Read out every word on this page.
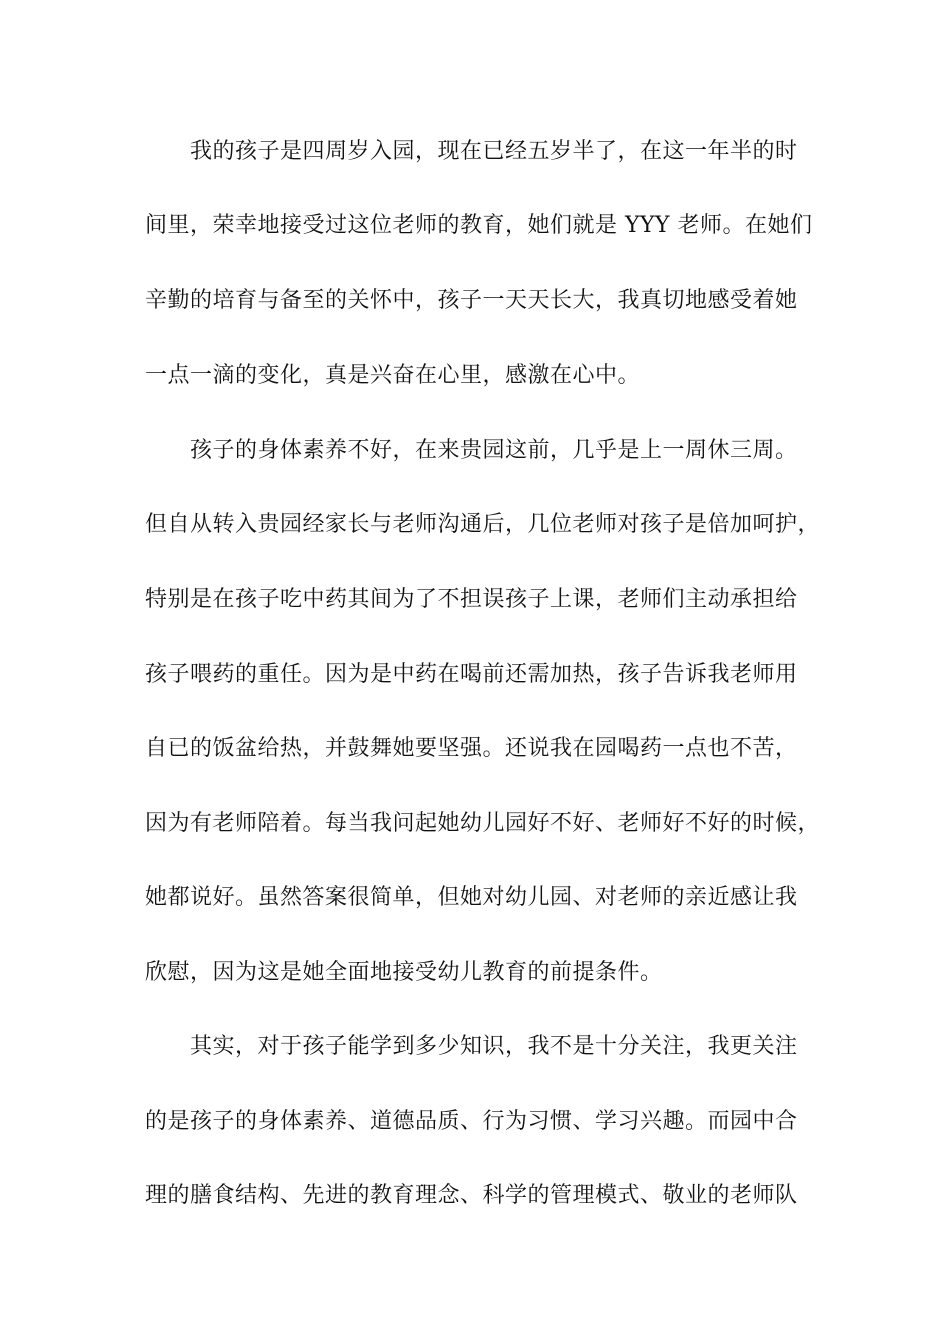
我的孩子是四周岁入园，现在已经五岁半了，在这一年半的时
间里，荣幸地接受过这位老师的教育，她们就是 YYY 老师。在她们
辛勤的培育与备至的关怀中，孩子一天天长大，我真切地感受着她
一点一滴的变化，真是兴奋在心里，感激在心中。
孩子的身体素养不好，在来贵园这前，几乎是上一周休三周。
但自从转入贵园经家长与老师沟通后，几位老师对孩子是倍加呵护，
特别是在孩子吃中药其间为了不担误孩子上课，老师们主动承担给
孩子喂药的重任。因为是中药在喝前还需加热，孩子告诉我老师用
自已的饭盆给热，并鼓舞她要坚强。还说我在园喝药一点也不苦，
因为有老师陪着。每当我问起她幼儿园好不好、老师好不好的时候，
她都说好。虽然答案很简单，但她对幼儿园、对老师的亲近感让我
欣慰，因为这是她全面地接受幼儿教育的前提条件。
其实，对于孩子能学到多少知识，我不是十分关注，我更关注
的是孩子的身体素养、道德品质、行为习惯、学习兴趣。而园中合
理的膳食结构、先进的教育理念、科学的管理模式、敬业的老师队
